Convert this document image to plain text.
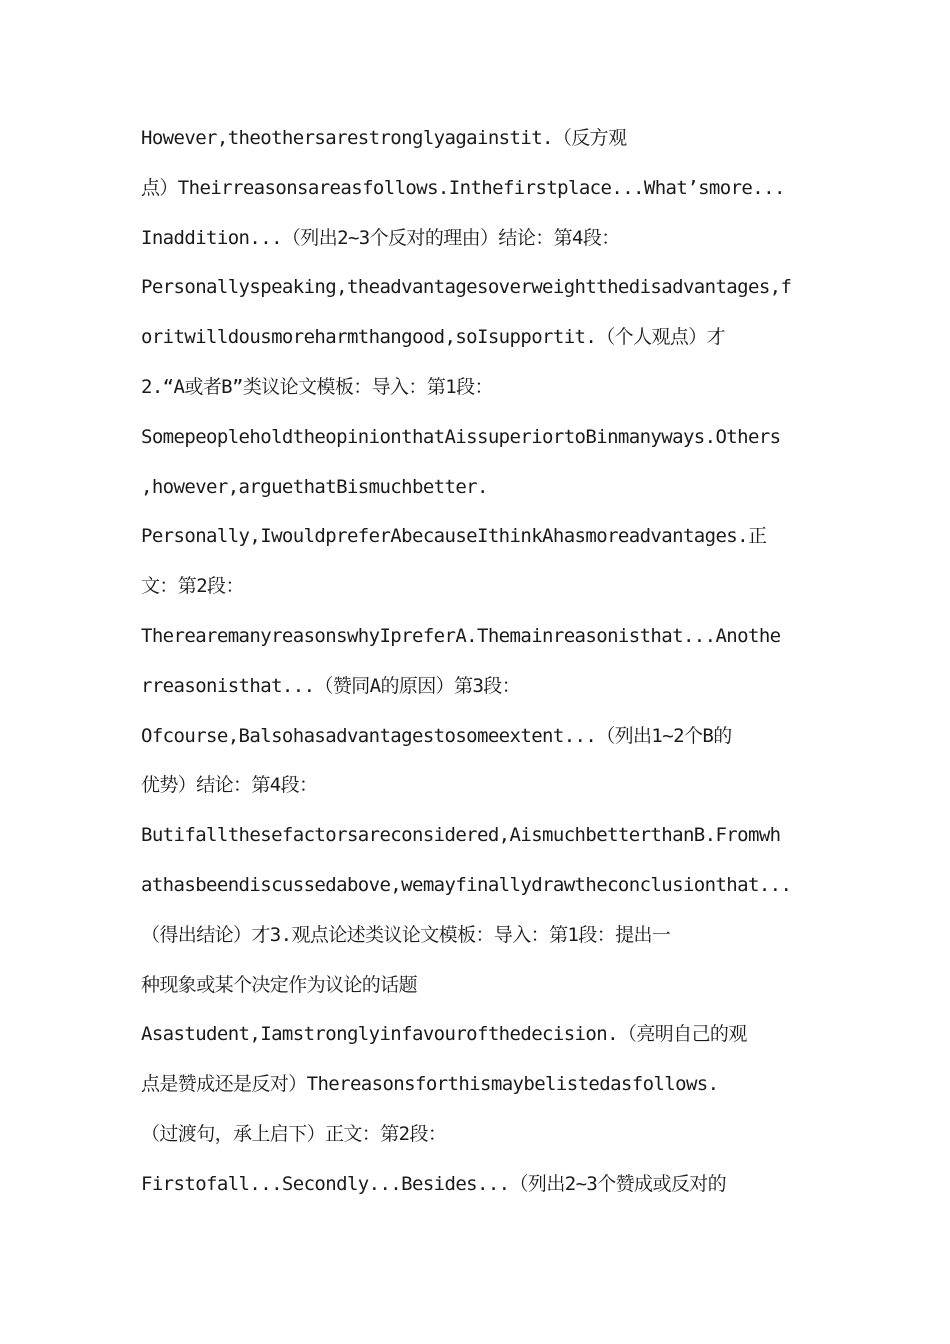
However,theothersarestronglyagainstit.（反方观
点）Theirreasonsareasfollows.Inthefirstplace...What’smore...
Inaddition...（列出2~3个反对的理由）结论：第4段：
Personallyspeaking,theadvantagesoverweightthedisadvantages,f
oritwilldousmoreharmthangood,soIsupportit.（个人观点）才
2.“A或者B”类议论文模板：导入：第1段：
SomepeopleholdtheopinionthatAissuperiortoBinmanyways.Others
,however,arguethatBismuchbetter.
Personally,IwouldpreferAbecauseIthinkAhasmoreadvantages.正
文：第2段：
TherearemanyreasonswhyIpreferA.Themainreasonisthat...Anothe
rreasonisthat...（赞同A的原因）第3段：
Ofcourse,Balsohasadvantagestosomeextent...（列出1~2个B的
优势）结论：第4段：
Butifallthesefactorsareconsidered,AismuchbetterthanB.Fromwh
athasbeendiscussedabove,wemayfinallydrawtheconclusionthat...
（得出结论）才3.观点论述类议论文模板：导入：第1段：提出一
种现象或某个决定作为议论的话题
Asastudent,Iamstronglyinfavourofthedecision.（亮明自己的观
点是赞成还是反对）Thereasonsforthismaybelistedasfollows.
（过渡句，承上启下）正文：第2段：
Firstofall...Secondly...Besides...（列出2~3个赞成或反对的
